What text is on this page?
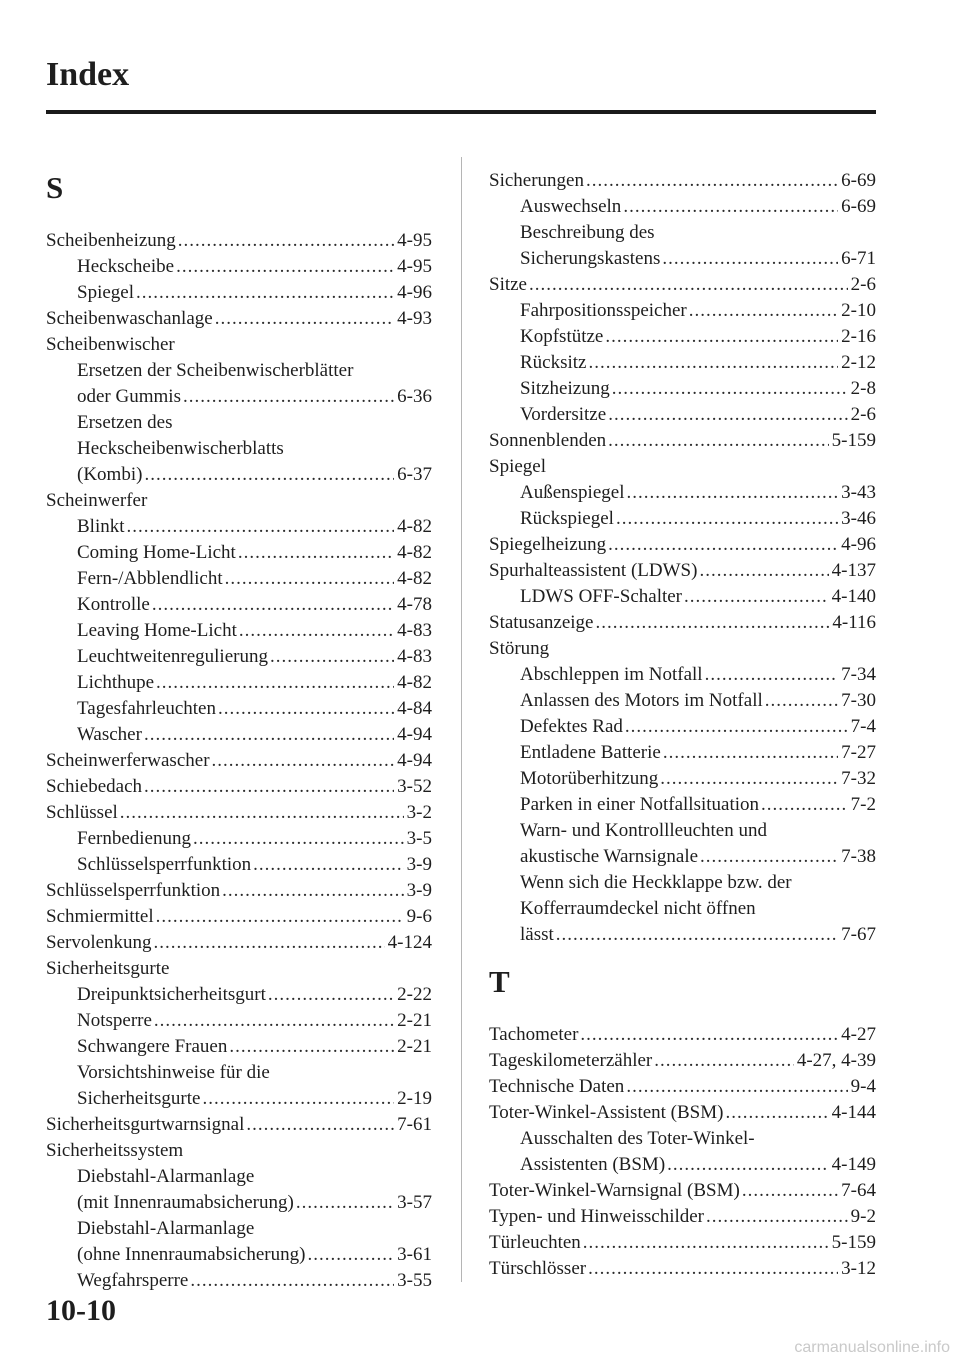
Index
S
Scheibenheizung .....	4-95
Heckscheibe .....	4-95
Spiegel .....	4-96
Scheibenwaschanlage .....	4-93
Scheibenwischer
Ersetzen der Scheibenwischerblätter
oder Gummis .....	6-36
Ersetzen des
Heckscheibenwischerblatts
(Kombi) .....	6-37
Scheinwerfer
Blinkt .....	4-82
Coming Home-Licht .....	4-82
Fern-/Abblendlicht .....	4-82
Kontrolle .....	4-78
Leaving Home-Licht .....	4-83
Leuchtweitenregulierung .....	4-83
Lichthupe .....	4-82
Tagesfahrleuchten .....	4-84
Wascher .....	4-94
Scheinwerferwascher .....	4-94
Schiebedach .....	3-52
Schlüssel .....	3-2
Fernbedienung .....	3-5
Schlüsselsperrfunktion .....	3-9
Schlüsselsperrfunktion .....	3-9
Schmiermittel .....	9-6
Servolenkung .....	4-124
Sicherheitsgurte
Dreipunktsicherheitsgurt .....	2-22
Notsperre .....	2-21
Schwangere Frauen .....	2-21
Vorsichtshinweise für die
Sicherheitsgurte .....	2-19
Sicherheitsgurtwarnsignal .....	7-61
Sicherheitssystem
Diebstahl-Alarmanlage
(mit Innenraumabsicherung) .....	3-57
Diebstahl-Alarmanlage
(ohne Innenraumabsicherung) .....	3-61
Wegfahrsperre .....	3-55
Sicherungen .....	6-69
Auswechseln .....	6-69
Beschreibung des
Sicherungskastens .....	6-71
Sitze .....	2-6
Fahrpositionsspeicher .....	2-10
Kopfstütze .....	2-16
Rücksitz .....	2-12
Sitzheizung .....	2-8
Vordersitze .....	2-6
Sonnenblenden .....	5-159
Spiegel
Außenspiegel .....	3-43
Rückspiegel .....	3-46
Spiegelheizung .....	4-96
Spurhalteassistent (LDWS) .....	4-137
LDWS OFF-Schalter .....	4-140
Statusanzeige .....	4-116
Störung
Abschleppen im Notfall .....	7-34
Anlassen des Motors im Notfall .....	7-30
Defektes Rad .....	7-4
Entladene Batterie .....	7-27
Motorüberhitzung .....	7-32
Parken in einer Notfallsituation .....	7-2
Warn- und Kontrollleuchten und
akustische Warnsignale .....	7-38
Wenn sich die Heckklappe bzw. der
Kofferraumdeckel nicht öffnen
lässt .....	7-67
T
Tachometer .....	4-27
Tageskilometerzähler .....	4-27, 4-39
Technische Daten .....	9-4
Toter-Winkel-Assistent (BSM) .....	4-144
Ausschalten des Toter-Winkel-
Assistenten (BSM) .....	4-149
Toter-Winkel-Warnsignal (BSM) .....	7-64
Typen- und Hinweisschilder .....	9-2
Türleuchten .....	5-159
Türschlösser .....	3-12
10-10
carmanualsonline.info
